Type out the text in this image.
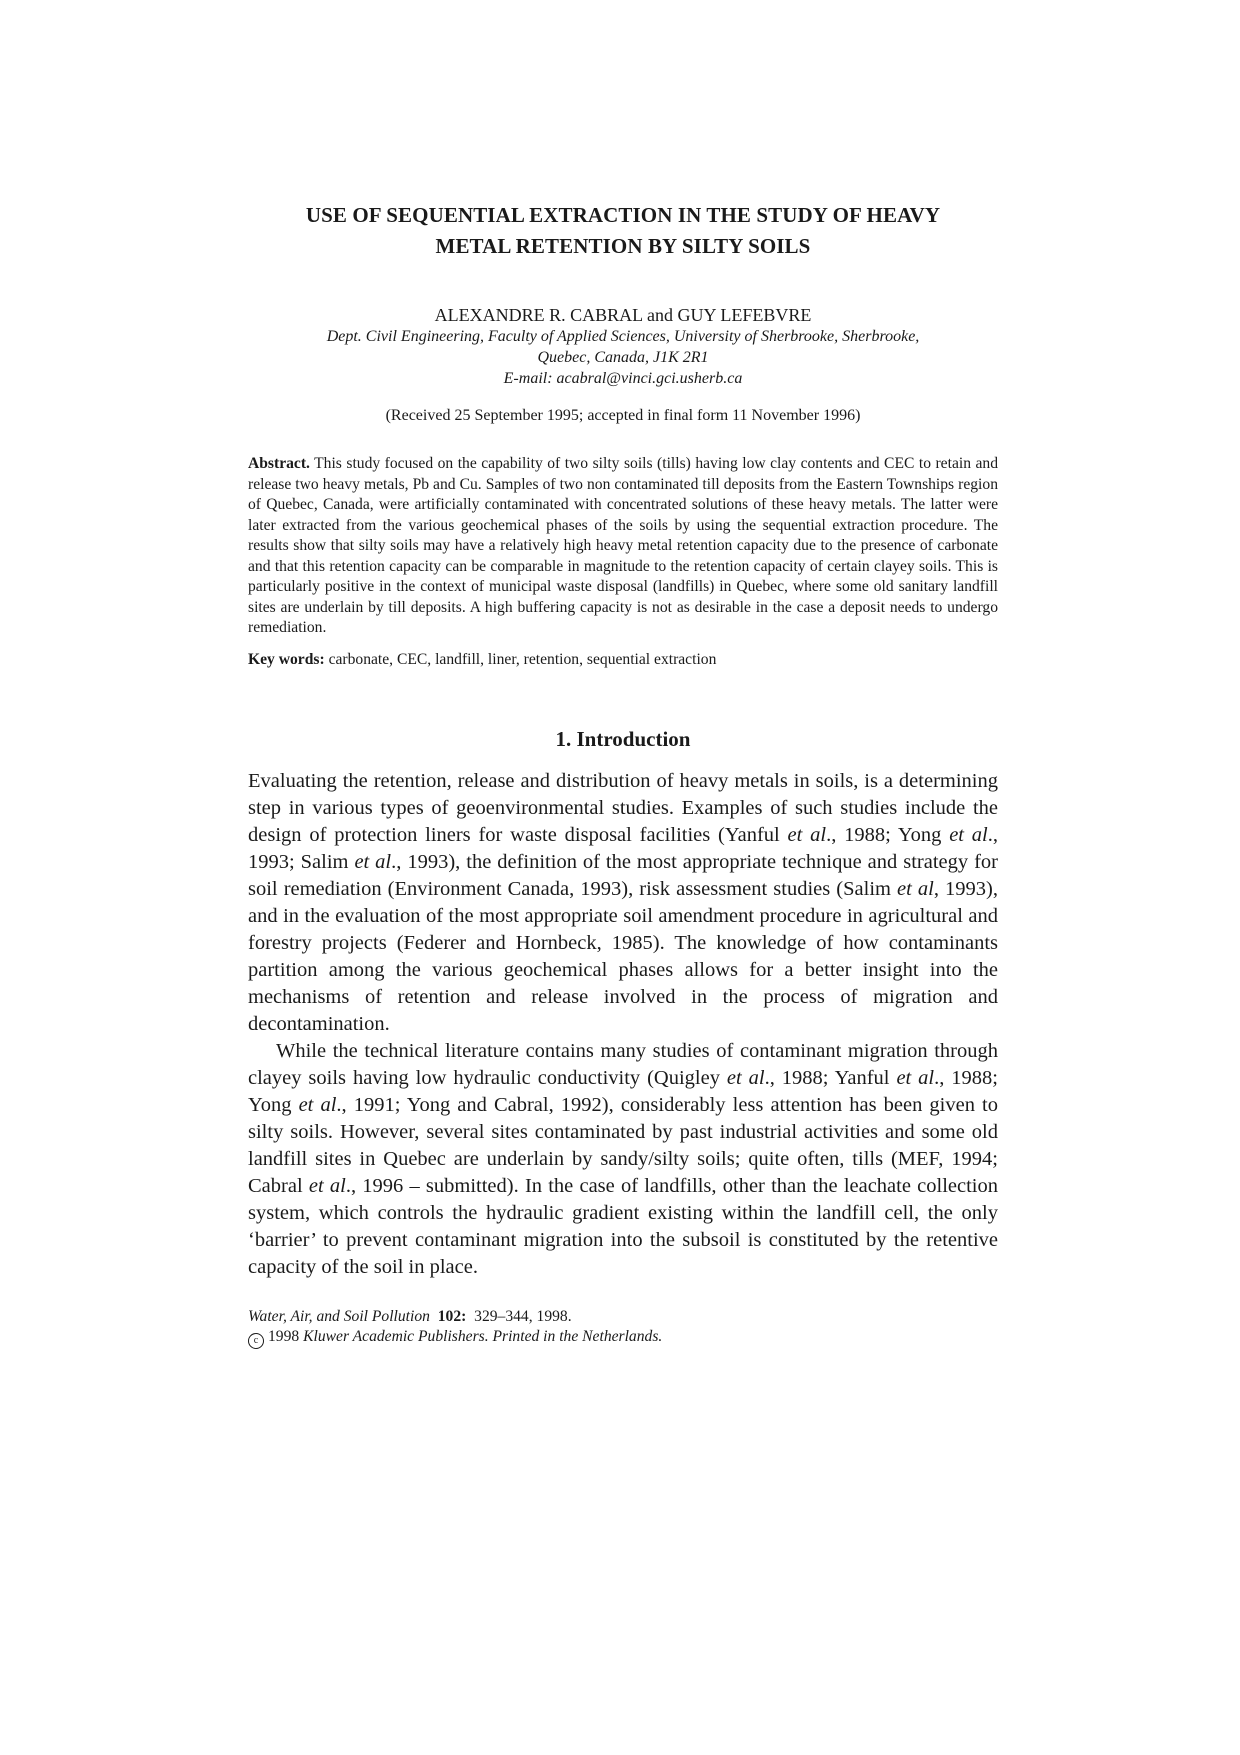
USE OF SEQUENTIAL EXTRACTION IN THE STUDY OF HEAVY
METAL RETENTION BY SILTY SOILS
ALEXANDRE R. CABRAL and GUY LEFEBVRE
Dept. Civil Engineering, Faculty of Applied Sciences, University of Sherbrooke, Sherbrooke,
Quebec, Canada, J1K 2R1
E-mail: acabral@vinci.gci.usherb.ca
(Received 25 September 1995; accepted in final form 11 November 1996)
Abstract. This study focused on the capability of two silty soils (tills) having low clay contents and CEC to retain and release two heavy metals, Pb and Cu. Samples of two non contaminated till deposits from the Eastern Townships region of Quebec, Canada, were artificially contaminated with concentrated solutions of these heavy metals. The latter were later extracted from the various geochemical phases of the soils by using the sequential extraction procedure. The results show that silty soils may have a relatively high heavy metal retention capacity due to the presence of carbonate and that this retention capacity can be comparable in magnitude to the retention capacity of certain clayey soils. This is particularly positive in the context of municipal waste disposal (landfills) in Quebec, where some old sanitary landfill sites are underlain by till deposits. A high buffering capacity is not as desirable in the case a deposit needs to undergo remediation.
Key words: carbonate, CEC, landfill, liner, retention, sequential extraction
1. Introduction

Evaluating the retention, release and distribution of heavy metals in soils, is a determining step in various types of geoenvironmental studies. Examples of such studies include the design of protection liners for waste disposal facilities (Yanful et al., 1988; Yong et al., 1993; Salim et al., 1993), the definition of the most appropriate technique and strategy for soil remediation (Environment Canada, 1993), risk assessment studies (Salim et al, 1993), and in the evaluation of the most appropriate soil amendment procedure in agricultural and forestry projects (Federer and Hornbeck, 1985). The knowledge of how contaminants partition among the various geochemical phases allows for a better insight into the mechanisms of retention and release involved in the process of migration and decontamination.

While the technical literature contains many studies of contaminant migration through clayey soils having low hydraulic conductivity (Quigley et al., 1988; Yanful et al., 1988; Yong et al., 1991; Yong and Cabral, 1992), considerably less attention has been given to silty soils. However, several sites contaminated by past industrial activities and some old landfill sites in Quebec are underlain by sandy/silty soils; quite often, tills (MEF, 1994; Cabral et al., 1996 – submitted). In the case of landfills, other than the leachate collection system, which controls the hydraulic gradient existing within the landfill cell, the only ‘barrier’ to prevent contaminant migration into the subsoil is constituted by the retentive capacity of the soil in place.

Water, Air, and Soil Pollution 102: 329–344, 1998.
c 1998 Kluwer Academic Publishers. Printed in the Netherlands.
